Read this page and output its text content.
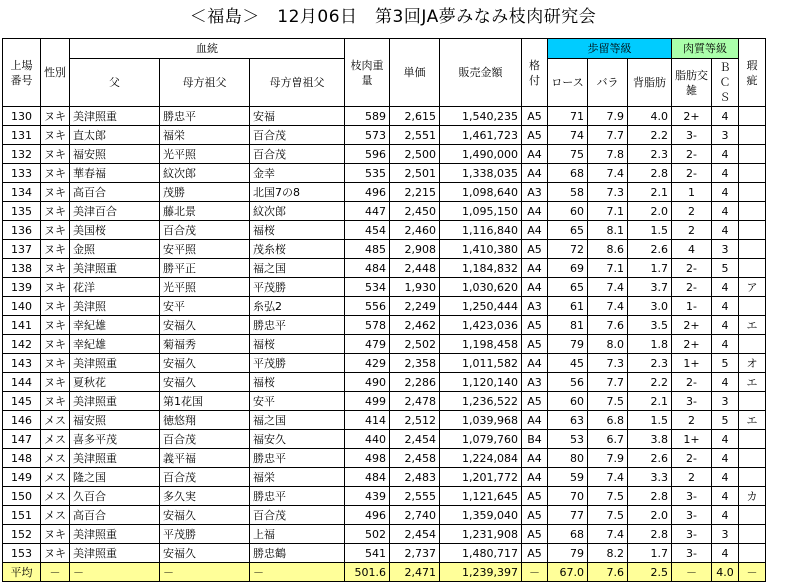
＜福島＞　12月06日　第3回JA夢みなみ枝肉研究会
上場番号	性別	血統			枝肉重量	単価	販売金額	格付	歩留等級			肉質等級		瑕疵
		父	母方祖父	母方曽祖父					ロース	バラ	背脂肪	脂肪交雑	ＢＣＳ	
130	ヌキ	美津照重	勝忠平	安福	589	2,615	1,540,235	A5	71	7.9	4.0	2+	4	
131	ヌキ	直太郎	福栄	百合茂	573	2,551	1,461,723	A5	74	7.7	2.2	3-	3	
132	ヌキ	福安照	光平照	百合茂	596	2,500	1,490,000	A4	75	7.8	2.3	2-	4	
133	ヌキ	華春福	紋次郎	金幸	535	2,501	1,338,035	A4	68	7.4	2.8	2-	4	
134	ヌキ	高百合	茂勝	北国7の8	496	2,215	1,098,640	A3	58	7.3	2.1	1	4	
135	ヌキ	美津百合	藤北景	紋次郎	447	2,450	1,095,150	A4	60	7.1	2.0	2	4	
136	ヌキ	美国桜	百合茂	福桜	454	2,460	1,116,840	A4	65	8.1	1.5	2	4	
137	ヌキ	金照	安平照	茂糸桜	485	2,908	1,410,380	A5	72	8.6	2.6	4	3	
138	ヌキ	美津照重	勝平正	福之国	484	2,448	1,184,832	A4	69	7.1	1.7	2-	5	
139	ヌキ	花洋	光平照	平茂勝	534	1,930	1,030,620	A4	65	7.4	3.7	2-	4	ア
140	ヌキ	美津照	安平	糸弘2	556	2,249	1,250,444	A3	61	7.4	3.0	1-	4	
141	ヌキ	幸紀雄	安福久	勝忠平	578	2,462	1,423,036	A5	81	7.6	3.5	2+	4	エ
142	ヌキ	幸紀雄	菊福秀	福桜	479	2,502	1,198,458	A5	79	8.0	1.8	2+	4	
143	ヌキ	美津照重	安福久	平茂勝	429	2,358	1,011,582	A4	45	7.3	2.3	1+	5	オ
144	ヌキ	夏秋花	安福久	福桜	490	2,286	1,120,140	A3	56	7.7	2.2	2-	4	エ
145	ヌキ	美津照重	第1花国	安平	499	2,478	1,236,522	A5	60	7.5	2.1	3-	3	
146	メス	福安照	徳悠翔	福之国	414	2,512	1,039,968	A4	63	6.8	1.5	2	5	エ
147	メス	喜多平茂	百合茂	福安久	440	2,454	1,079,760	B4	53	6.7	3.8	1+	4	
148	メス	美津照重	義平福	勝忠平	498	2,458	1,224,084	A4	80	7.9	2.6	2-	4	
149	メス	隆之国	百合茂	福栄	484	2,483	1,201,772	A4	59	7.4	3.3	2	4	
150	メス	久百合	多久実	勝忠平	439	2,555	1,121,645	A5	70	7.5	2.8	3-	4	カ
151	メス	高百合	安福久	百合茂	496	2,740	1,359,040	A5	77	7.5	2.0	3-	4	
152	ヌキ	美津照重	平茂勝	上福	502	2,454	1,231,908	A5	68	7.4	2.8	3-	3	
153	ヌキ	美津照重	安福久	勝忠鶴	541	2,737	1,480,717	A5	79	8.2	1.7	3-	4	
平均	－	－	－	－	501.6	2,471	1,239,397	－	67.0	7.6	2.5	－	4.0	－
